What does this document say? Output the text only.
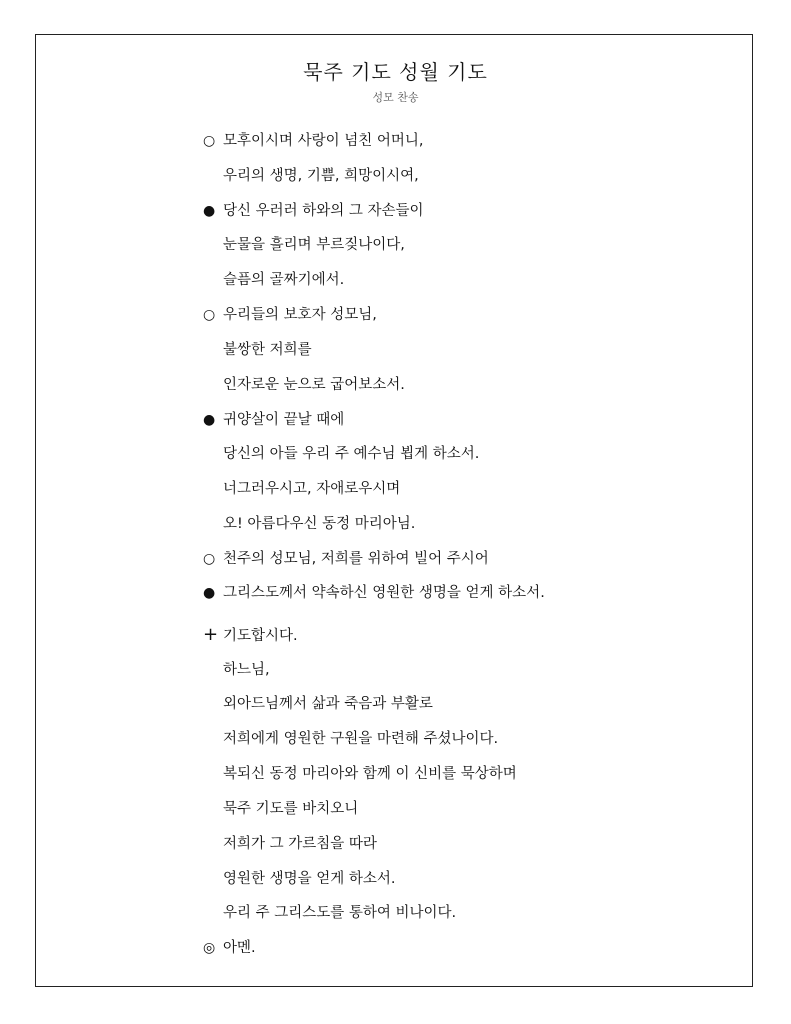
묵주 기도 성월 기도
성모 찬송
○ 모후이시며 사랑이 넘친 어머니,
우리의 생명, 기쁨, 희망이시여,
● 당신 우러러 하와의 그 자손들이
눈물을 흘리며 부르짖나이다,
슬픔의 골짜기에서.
○ 우리들의 보호자 성모님,
불쌍한 저희를
인자로운 눈으로 굽어보소서.
● 귀양살이 끝날 때에
당신의 아들 우리 주 예수님 뵙게 하소서.
너그러우시고, 자애로우시며
오! 아름다우신 동정 마리아님.
○ 천주의 성모님, 저희를 위하여 빌어 주시어
● 그리스도께서 약속하신 영원한 생명을 얻게 하소서.
+ 기도합시다.
하느님,
외아드님께서 삶과 죽음과 부활로
저희에게 영원한 구원을 마련해 주셨나이다.
복되신 동정 마리아와 함께 이 신비를 묵상하며
묵주 기도를 바치오니
저희가 그 가르침을 따라
영원한 생명을 얻게 하소서.
우리 주 그리스도를 통하여 비나이다.
◎ 아멘.
